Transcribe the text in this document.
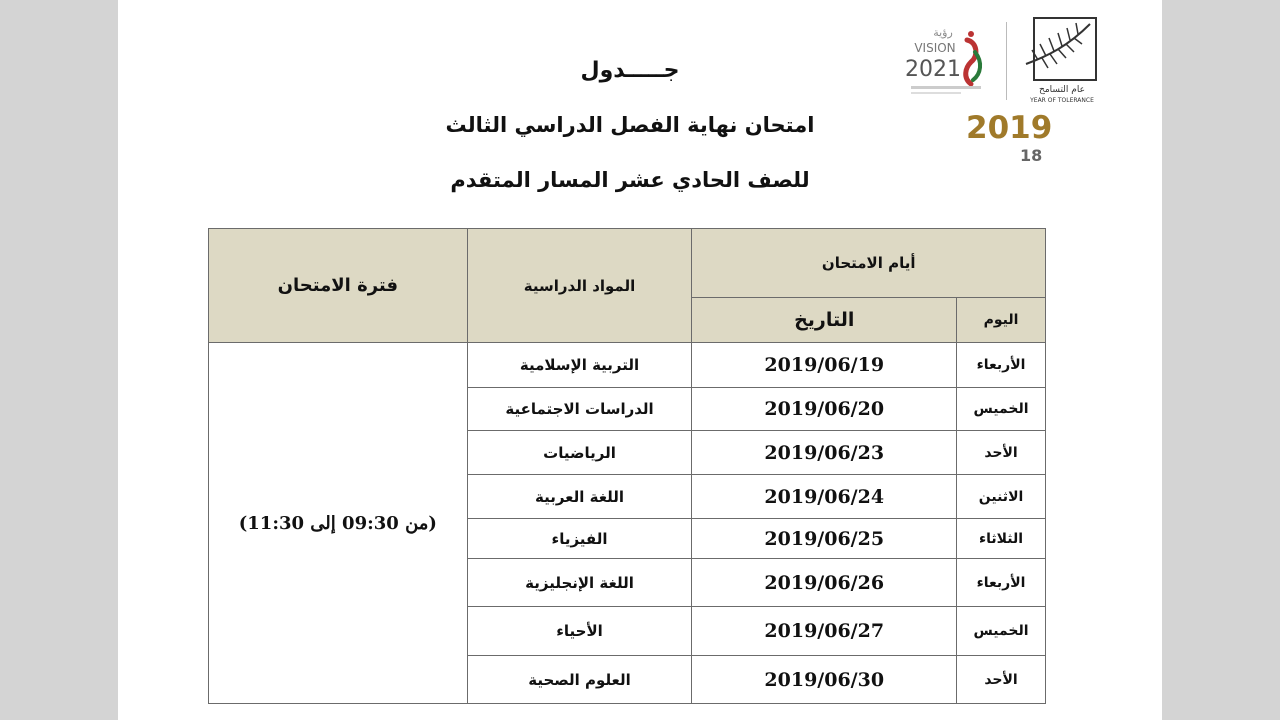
رؤية
VISION
2021
عام التسامح
YEAR OF TOLERANCE
2019
18
جـــــدول
امتحان نهاية الفصل الدراسي الثالث
للصف الحادي عشر المسار المتقدم
أيام الامتحان		المواد الدراسية	فترة الامتحان
اليوم	التاريخ		
الأربعاء	2019/06/19	التربية الإسلامية	(من 09:30 إلى 11:30)
الخميس	2019/06/20	الدراسات الاجتماعية	
الأحد	2019/06/23	الرياضيات	
الاثنين	2019/06/24	اللغة العربية	
الثلاثاء	2019/06/25	الفيزياء	
الأربعاء	2019/06/26	اللغة الإنجليزية	
الخميس	2019/06/27	الأحياء	
الأحد	2019/06/30	العلوم الصحية	
